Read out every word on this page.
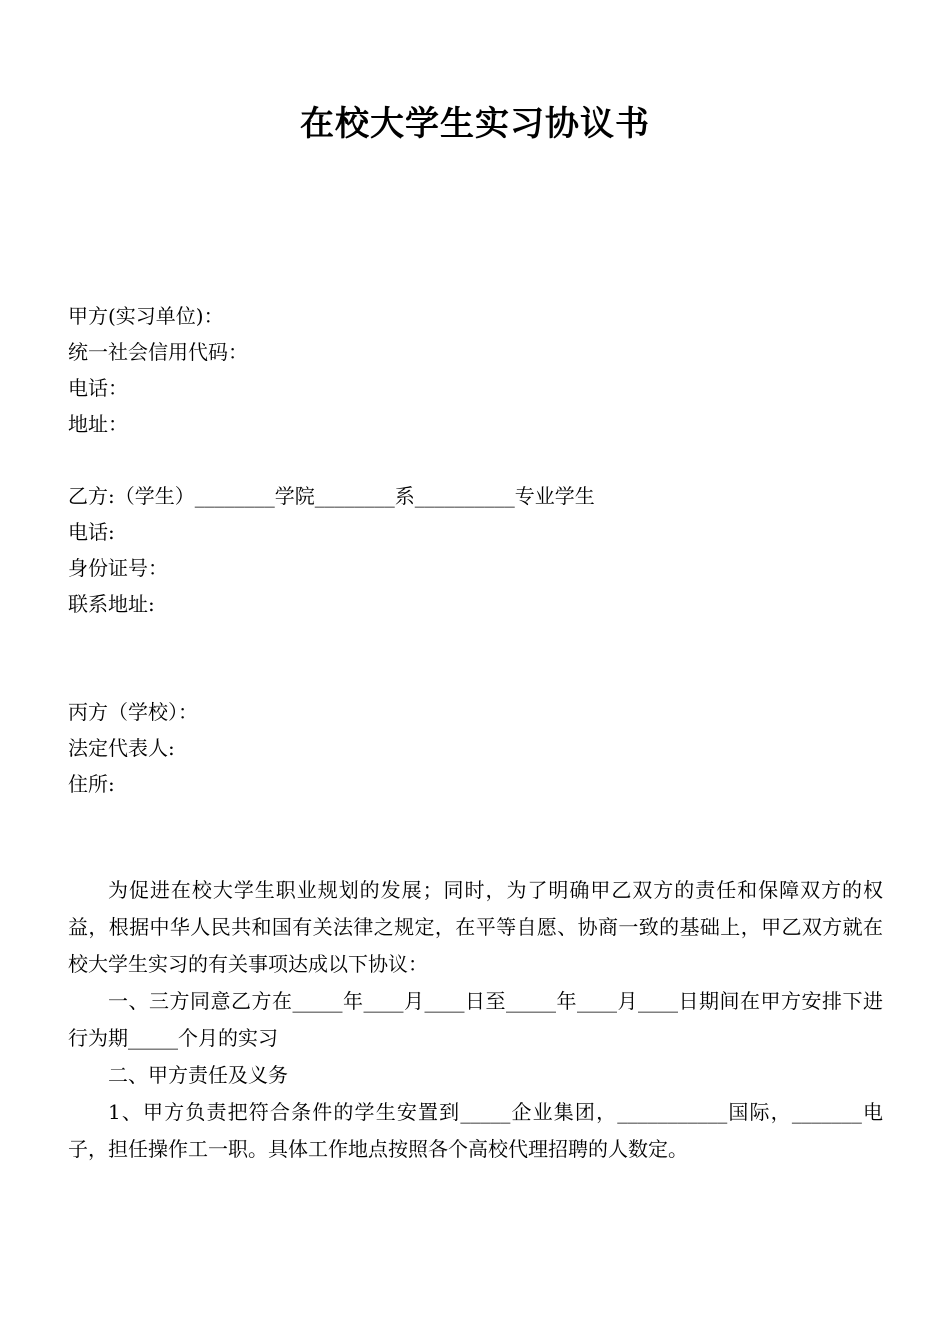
在校大学生实习协议书
甲方(实习单位)：
统一社会信用代码：
电话：
地址：
乙方:（学生）________学院________系__________专业学生
电话:
身份证号：
联系地址:
丙方（学校）：
法定代表人:
住所:

为促进在校大学生职业规划的发展；同时，为了明确甲乙双方的责任和保障双方的权益，根据中华人民共和国有关法律之规定，在平等自愿、协商一致的基础上，甲乙双方就在校大学生实习的有关事项达成以下协议：

一、三方同意乙方在_____年____月____日至_____年____月____日期间在甲方安排下进行为期_____个月的实习

二、甲方责任及义务

1、甲方负责把符合条件的学生安置到_____企业集团，___________国际，_______电子，担任操作工一职。具体工作地点按照各个高校代理招聘的人数定。
